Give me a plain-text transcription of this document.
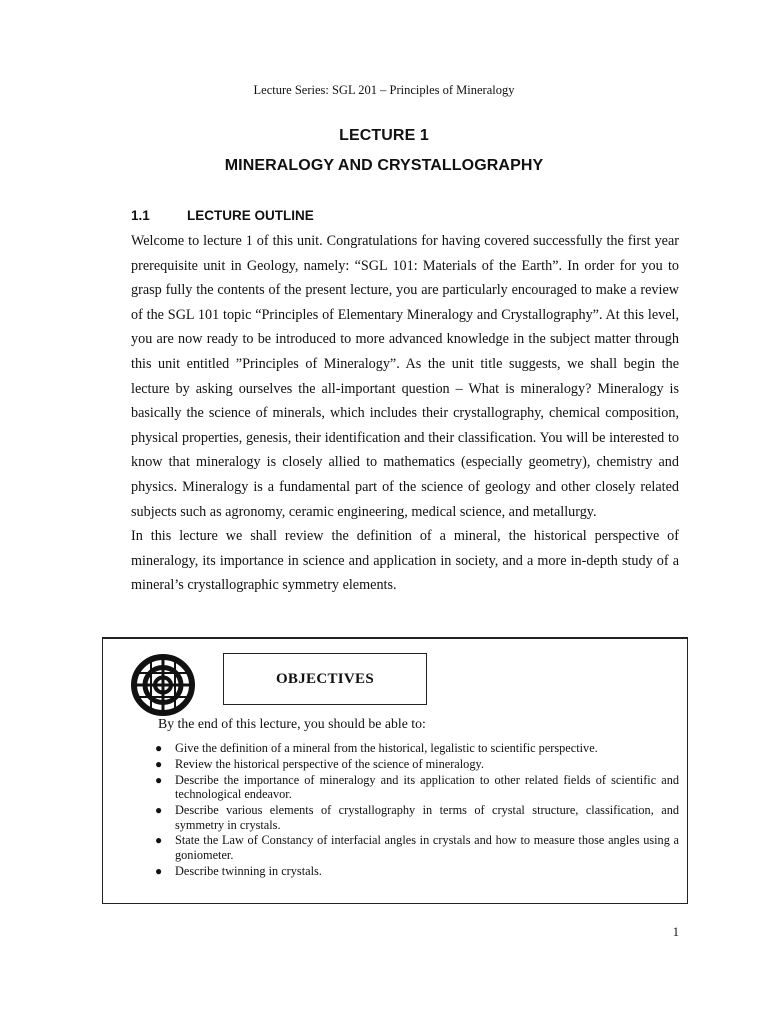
Lecture Series: SGL 201 – Principles of Mineralogy
LECTURE 1
MINERALOGY AND CRYSTALLOGRAPHY
1.1	LECTURE OUTLINE

Welcome to lecture 1 of this unit. Congratulations for having covered successfully the first year prerequisite unit in Geology, namely: “SGL 101: Materials of the Earth”. In order for you to grasp fully the contents of the present lecture, you are particularly encouraged to make a review of the SGL 101 topic “Principles of Elementary Mineralogy and Crystallography”. At this level, you are now ready to be introduced to more advanced knowledge in the subject matter through this unit entitled ”Principles of Mineralogy”. As the unit title suggests, we shall begin the lecture by asking ourselves the all-important question – What is mineralogy? Mineralogy is basically the science of minerals, which includes their crystallography, chemical composition, physical properties, genesis, their identification and their classification. You will be interested to know that mineralogy is closely allied to mathematics (especially geometry), chemistry and physics. Mineralogy is a fundamental part of the science of geology and other closely related subjects such as agronomy, ceramic engineering, medical science, and metallurgy.

In this lecture we shall review the definition of a mineral, the historical perspective of mineralogy, its importance in science and application in society, and a more in-depth study of a mineral’s crystallographic symmetry elements.

OBJECTIVES
By the end of this lecture, you should be able to:
● Give the definition of a mineral from the historical, legalistic to scientific perspective.
● Review the historical perspective of the science of mineralogy.
● Describe the importance of mineralogy and its application to other related fields of scientific and technological endeavor.
● Describe various elements of crystallography in terms of crystal structure, classification, and symmetry in crystals.
● State the Law of Constancy of interfacial angles in crystals and how to measure those angles using a goniometer.
● Describe twinning in crystals.
1
